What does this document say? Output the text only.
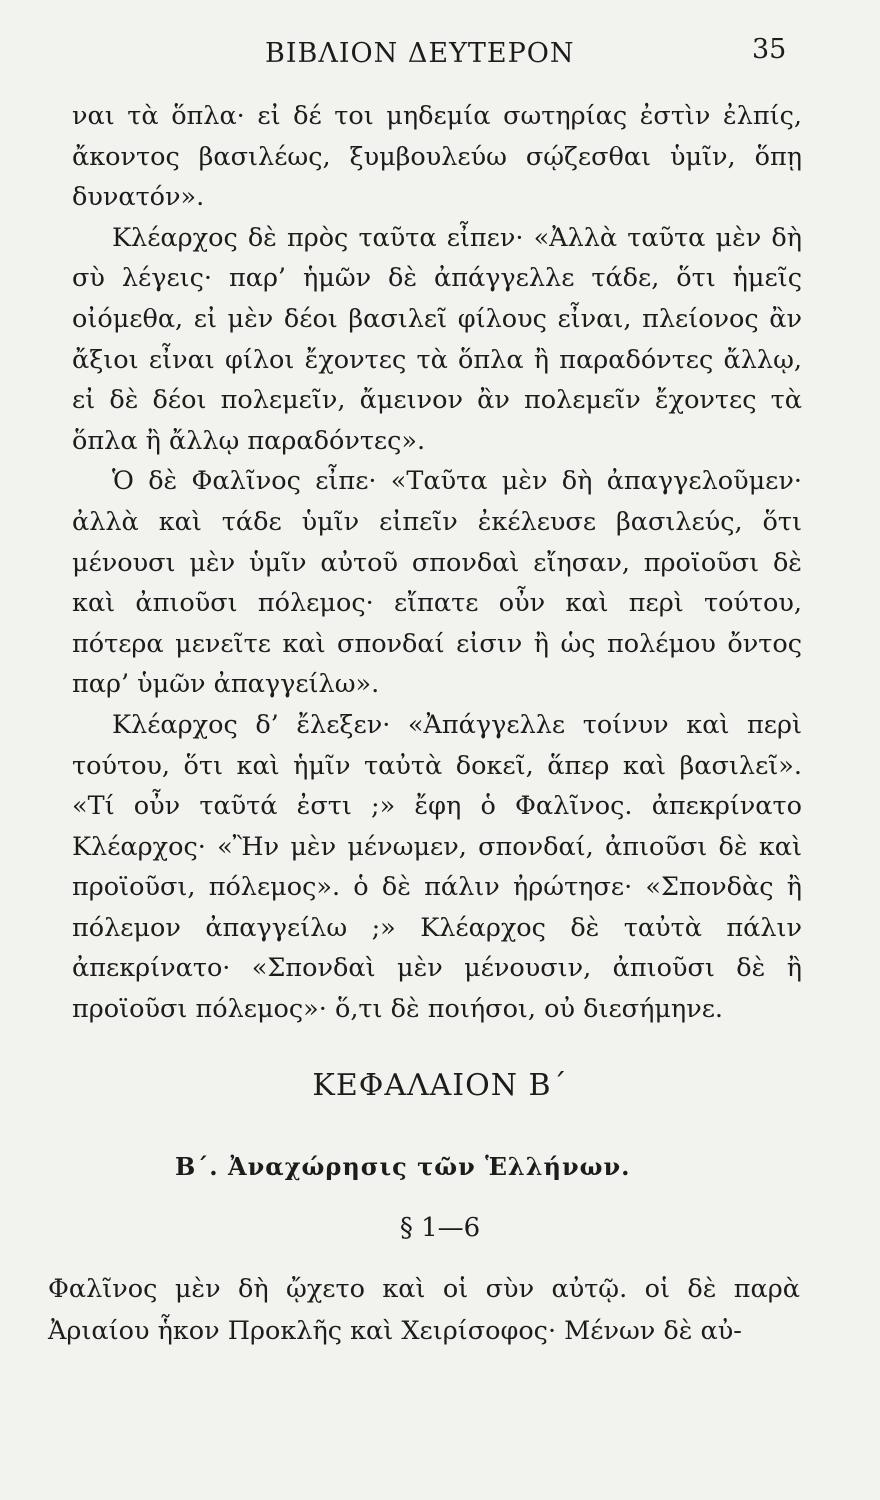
ΒΙΒΛΙΟΝ ΔΕΥΤΕΡΟΝ	35

ναι τὰ ὅπλα· εἰ δέ τοι μηδεμία σωτηρίας ἐστὶν ἐλπίς, ἄκοντος βασιλέως, ξυμβουλεύω σῴζεσθαι ὑμῖν, ὅπῃ δυνατόν».

Κλέαρχος δὲ πρὸς ταῦτα εἶπεν· «Ἀλλὰ ταῦτα μὲν δὴ σὺ λέγεις· παρ’ ἡμῶν δὲ ἀπάγγελλε τάδε, ὅτι ἡμεῖς οἰόμεθα, εἰ μὲν δέοι βασιλεῖ φίλους εἶναι, πλείονος ἂν ἄξιοι εἶναι φίλοι ἔχοντες τὰ ὅπλα ἢ παραδόντες ἄλλῳ, εἰ δὲ δέοι πολεμεῖν, ἄμεινον ἂν πολεμεῖν ἔχοντες τὰ ὅπλα ἢ ἄλλῳ παραδόντες».

Ὁ δὲ Φαλῖνος εἶπε· «Ταῦτα μὲν δὴ ἀπαγγελοῦμεν· ἀλλὰ καὶ τάδε ὑμῖν εἰπεῖν ἐκέλευσε βασιλεύς, ὅτι μένουσι μὲν ὑμῖν αὐτοῦ σπονδαὶ εἴησαν, προϊοῦσι δὲ καὶ ἀπιοῦσι πόλεμος· εἴπατε οὖν καὶ περὶ τούτου, πότερα μενεῖτε καὶ σπονδαί εἰσιν ἢ ὡς πολέμου ὄντος παρ’ ὑμῶν ἀπαγγείλω».

Κλέαρχος δ’ ἔλεξεν· «Ἀπάγγελλε τοίνυν καὶ περὶ τούτου, ὅτι καὶ ἡμῖν ταὐτὰ δοκεῖ, ἅπερ καὶ βασιλεῖ». «Τί οὖν ταῦτά ἐστι ;» ἔφη ὁ Φαλῖνος. ἀπεκρίνατο Κλέαρχος· «Ἢν μὲν μένωμεν, σπονδαί, ἀπιοῦσι δὲ καὶ προϊοῦσι, πόλεμος». ὁ δὲ πάλιν ἠρώτησε· «Σπονδὰς ἢ πόλεμον ἀπαγγείλω ;» Κλέαρχος δὲ ταὐτὰ πάλιν ἀπεκρίνατο· «Σπονδαὶ μὲν μένουσιν, ἀπιοῦσι δὲ ἢ προϊοῦσι πόλεμος»· ὅ,τι δὲ ποιήσοι, οὐ διεσήμηνε.

ΚΕΦΑΛΑΙΟΝ Β΄
Β΄. Ἀναχώρησις τῶν Ἑλλήνων.
§ 1—6

Φαλῖνος μὲν δὴ ᾤχετο καὶ οἱ σὺν αὐτῷ. οἱ δὲ παρὰ Ἀριαίου ἧκον Προκλῆς καὶ Χειρίσοφος· Μένων δὲ αὐ-
